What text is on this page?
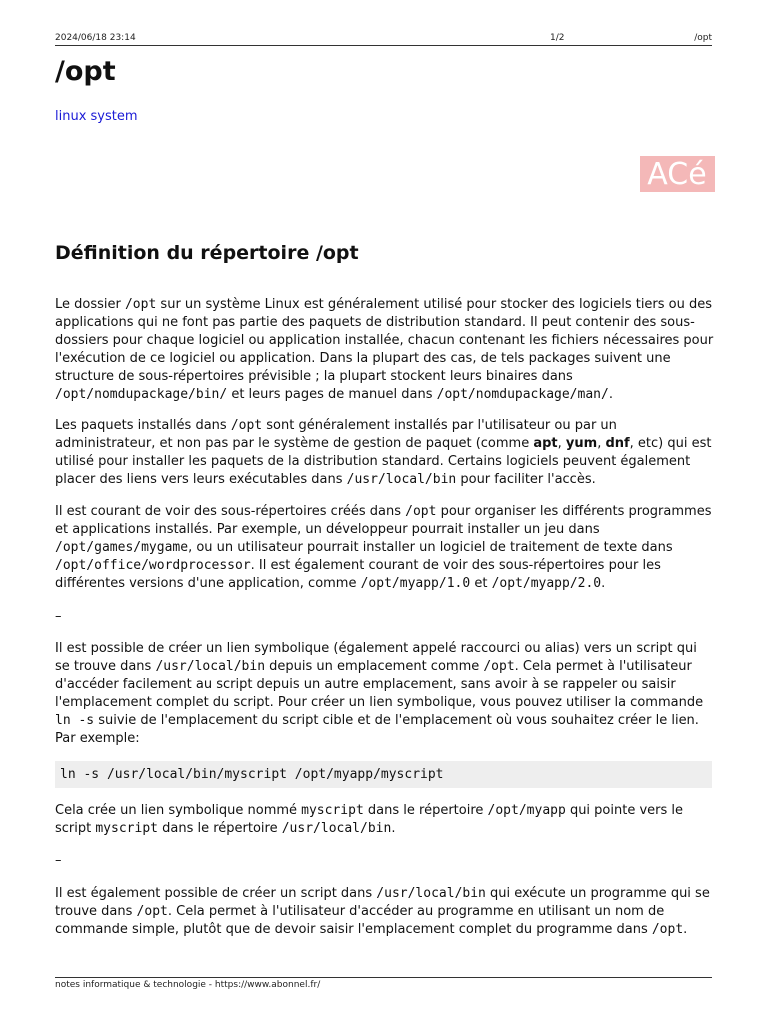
2024/06/18 23:14	1/2	/opt
/opt
linux system
ACé
Définition du répertoire /opt

Le dossier /opt sur un système Linux est généralement utilisé pour stocker des logiciels tiers ou des applications qui ne font pas partie des paquets de distribution standard. Il peut contenir des sous-dossiers pour chaque logiciel ou application installée, chacun contenant les fichiers nécessaires pour l'exécution de ce logiciel ou application. Dans la plupart des cas, de tels packages suivent une structure de sous-répertoires prévisible ; la plupart stockent leurs binaires dans /opt/nomdupackage/bin/ et leurs pages de manuel dans /opt/nomdupackage/man/.

Les paquets installés dans /opt sont généralement installés par l'utilisateur ou par un administrateur, et non pas par le système de gestion de paquet (comme apt, yum, dnf, etc) qui est utilisé pour installer les paquets de la distribution standard. Certains logiciels peuvent également placer des liens vers leurs exécutables dans /usr/local/bin pour faciliter l'accès.

Il est courant de voir des sous-répertoires créés dans /opt pour organiser les différents programmes et applications installés. Par exemple, un développeur pourrait installer un jeu dans /opt/games/mygame, ou un utilisateur pourrait installer un logiciel de traitement de texte dans /opt/office/wordprocessor. Il est également courant de voir des sous-répertoires pour les différentes versions d'une application, comme /opt/myapp/1.0 et /opt/myapp/2.0.

–

Il est possible de créer un lien symbolique (également appelé raccourci ou alias) vers un script qui se trouve dans /usr/local/bin depuis un emplacement comme /opt. Cela permet à l'utilisateur d'accéder facilement au script depuis un autre emplacement, sans avoir à se rappeler ou saisir l'emplacement complet du script. Pour créer un lien symbolique, vous pouvez utiliser la commande ln -s suivie de l'emplacement du script cible et de l'emplacement où vous souhaitez créer le lien. Par exemple:

ln -s /usr/local/bin/myscript /opt/myapp/myscript

Cela crée un lien symbolique nommé myscript dans le répertoire /opt/myapp qui pointe vers le script myscript dans le répertoire /usr/local/bin.

–

Il est également possible de créer un script dans /usr/local/bin qui exécute un programme qui se trouve dans /opt. Cela permet à l'utilisateur d'accéder au programme en utilisant un nom de commande simple, plutôt que de devoir saisir l'emplacement complet du programme dans /opt.

notes informatique & technologie - https://www.abonnel.fr/
